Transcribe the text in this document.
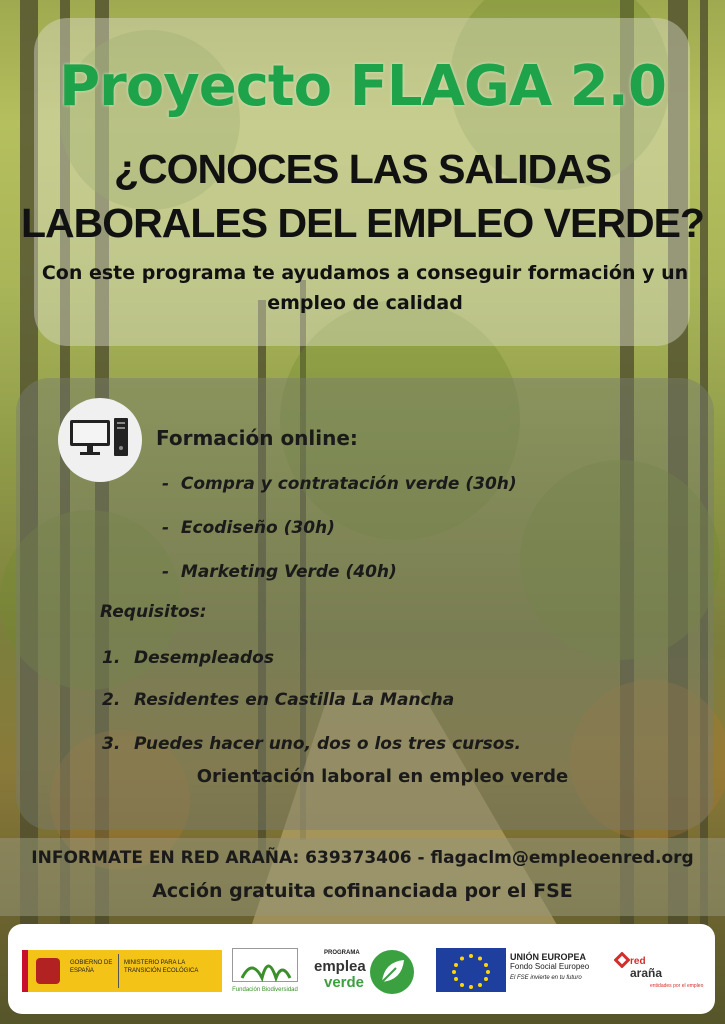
Proyecto FLAGA 2.0
¿CONOCES LAS SALIDAS
LABORALES DEL EMPLEO VERDE?
Con este programa te ayudamos a conseguir formación y un empleo de calidad
Formación online:
-  Compra y contratación verde (30h)
-  Ecodiseño (30h)
-  Marketing Verde (40h)
Requisitos:
1. Desempleados
2. Residentes en Castilla La Mancha
3. Puedes hacer uno, dos o los tres cursos.
Orientación laboral en empleo verde
INFORMATE EN RED ARAÑA: 639373406 - flagaclm@empleoenred.org
Acción gratuita cofinanciada por el FSE
GOBIERNO DE ESPAÑA
MINISTERIO PARA LA TRANSICIÓN ECOLÓGICA
Fundación Biodiversidad
PROGRAMA
emplea
verde
UNIÓN EUROPEA
Fondo Social Europeo
El FSE invierte en tu futuro
red
araña
entidades por el empleo
